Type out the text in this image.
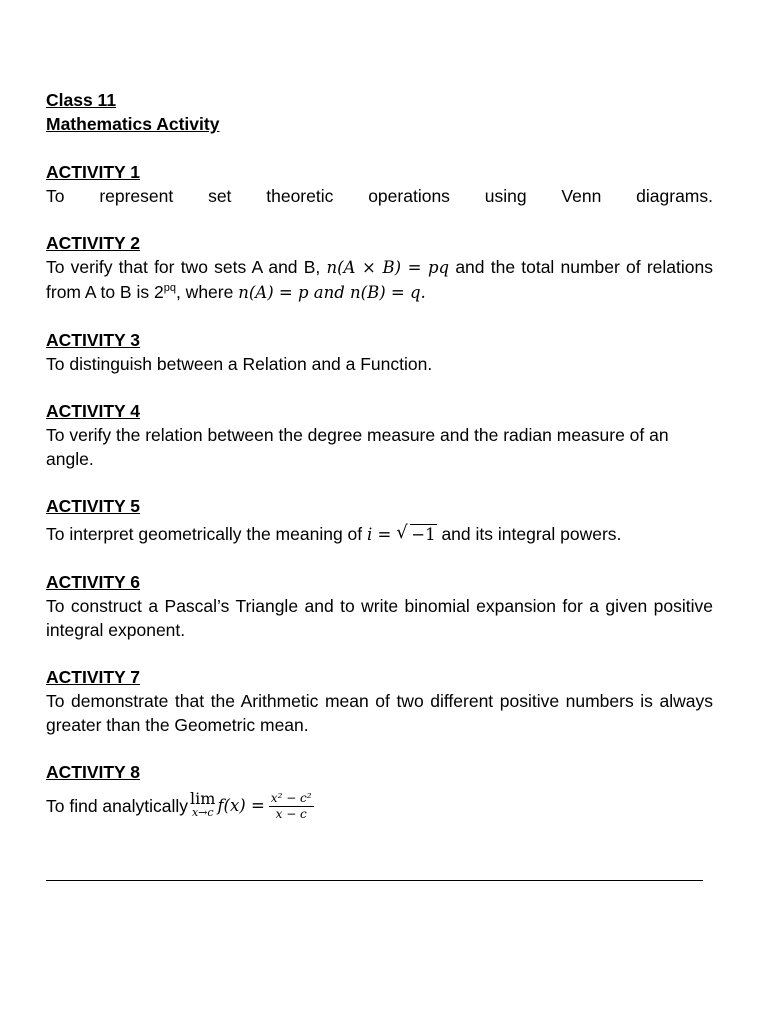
Class 11

Mathematics Activity

ACTIVITY 1

To represent set theoretic operations using Venn diagrams.

ACTIVITY 2

To verify that for two sets A and B, n(A × B) = pq and the total number of relations from A to B is $2^{pq}$, where n(A) = p and n(B) = q.

ACTIVITY 3

To distinguish between a Relation and a Function.

ACTIVITY 4

To verify the relation between the degree measure and the radian measure of an angle.

ACTIVITY 5

To interpret geometrically the meaning of i = √ −1 and its integral powers.

ACTIVITY 6

To construct a Pascal’s Triangle and to write binomial expansion for a given positive integral exponent.

ACTIVITY 7

To demonstrate that the Arithmetic mean of two different positive numbers is always greater than the Geometric mean.

ACTIVITY 8

To find analytically lim
x→c $f(x) = \frac{\text{x² − c²}}{x - c}$
